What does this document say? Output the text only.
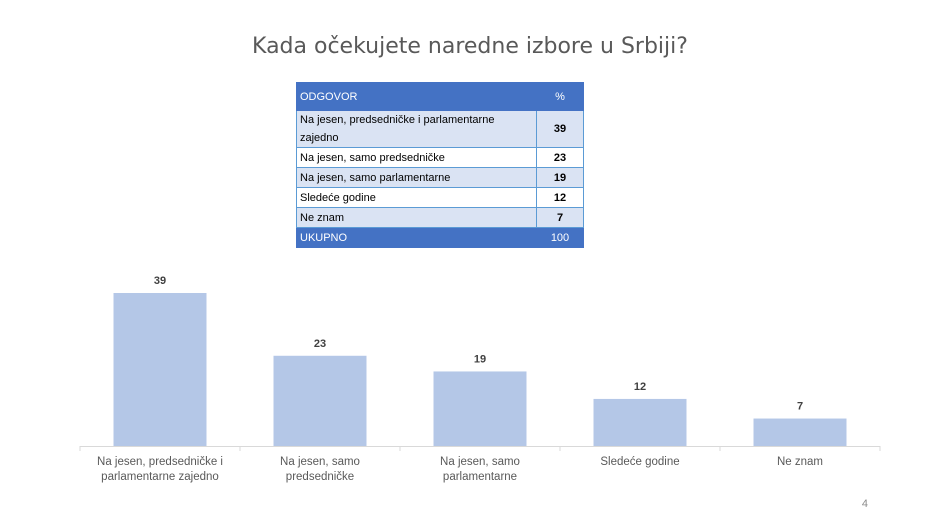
Kada očekujete naredne izbore u Srbiji?
ODGOVOR	%
Na jesen, predsedničke i parlamentarne zajedno	39
Na jesen, samo predsedničke	23
Na jesen, samo parlamentarne	19
Sledeće godine	12
Ne znam	7
UKUPNO	100
39
Na jesen, predsedničke i parlamentarne zajedno
23
Na jesen, samo predsedničke
19
Na jesen, samo parlamentarne
12
Sledeće godine
7
Ne znam
4
